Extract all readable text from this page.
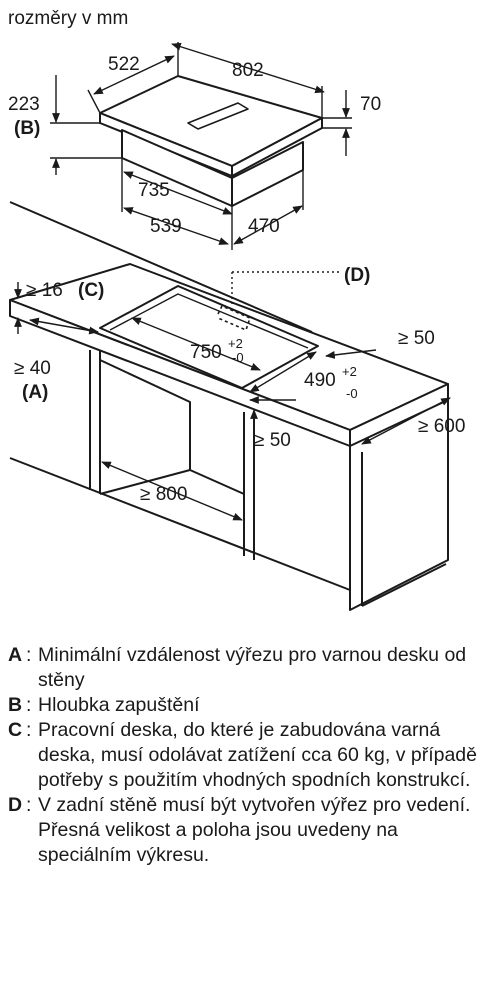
rozměry v mm
802
522
70
223
(B)
735
539	470
(D)
≥ 16 (C)
750 +2
-0
490 +2
-0
≥ 40
(A)
≥ 50
≥ 50
≥ 600
≥ 800
A : Minimální vzdálenost výřezu pro varnou desku od stěny
B : Hloubka zapuštění
C : Pracovní deska, do které je zabudována varná deska, musí odolávat zatížení cca 60 kg, v případě potřeby s použitím vhodných spodních konstrukcí.
D : V zadní stěně musí být vytvořen výřez pro vedení. Přesná velikost a poloha jsou uvedeny na speciálním výkresu.
